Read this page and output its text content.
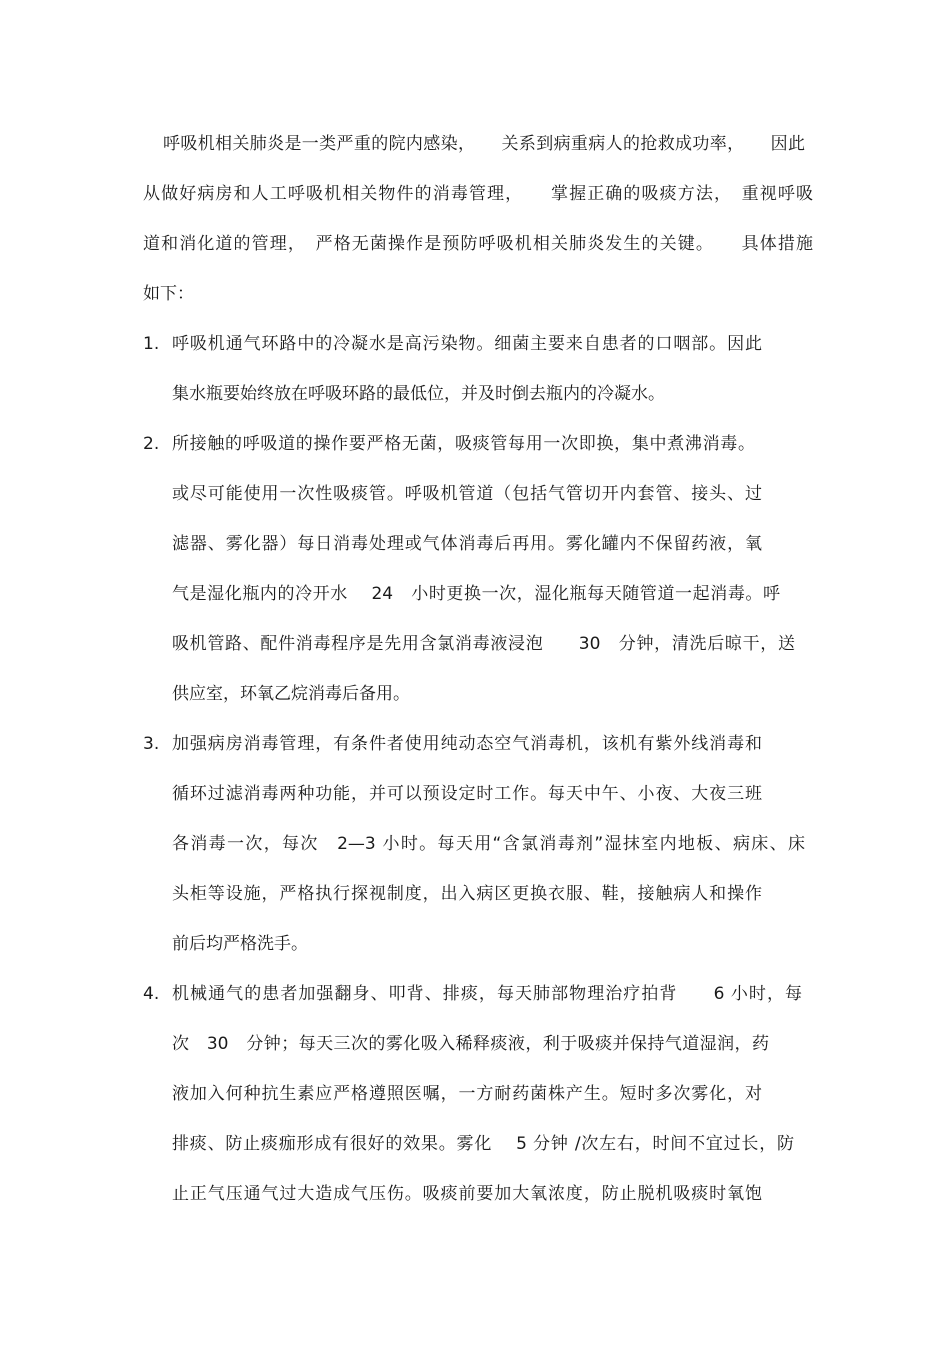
呼吸机相关肺炎是一类严重的院内感染，　　关系到病重病人的抢救成功率，　　因此
从做好病房和人工呼吸机相关物件的消毒管理，　　掌握正确的吸痰方法，　重视呼吸
道和消化道的管理，　严格无菌操作是预防呼吸机相关肺炎发生的关键。　　具体措施
如下：
1. 呼吸机通气环路中的冷凝水是高污染物。细菌主要来自患者的口咽部。因此
集水瓶要始终放在呼吸环路的最低位，并及时倒去瓶内的冷凝水。
2. 所接触的呼吸道的操作要严格无菌，吸痰管每用一次即换，集中煮沸消毒。
或尽可能使用一次性吸痰管。呼吸机管道（包括气管切开内套管、接头、过
滤器、雾化器）每日消毒处理或气体消毒后再用。雾化罐内不保留药液，氧
气是湿化瓶内的冷开水　 24　小时更换一次，湿化瓶每天随管道一起消毒。呼
吸机管路、配件消毒程序是先用含氯消毒液浸泡　　30　分钟，清洗后晾干，送
供应室，环氧乙烷消毒后备用。
3. 加强病房消毒管理，有条件者使用纯动态空气消毒机，该机有紫外线消毒和
循环过滤消毒两种功能，并可以预设定时工作。每天中午、小夜、大夜三班
各消毒一次，每次　2—3 小时。每天用“含氯消毒剂”湿抹室内地板、病床、床
头柜等设施，严格执行探视制度，出入病区更换衣服、鞋，接触病人和操作
前后均严格洗手。
4. 机械通气的患者加强翻身、叩背、排痰，每天肺部物理治疗拍背　　6 小时，每
次　30　分钟；每天三次的雾化吸入稀释痰液，利于吸痰并保持气道湿润，药
液加入何种抗生素应严格遵照医嘱，一方耐药菌株产生。短时多次雾化，对
排痰、防止痰痂形成有很好的效果。雾化　 5 分钟 /次左右，时间不宜过长，防
止正气压通气过大造成气压伤。吸痰前要加大氧浓度，防止脱机吸痰时氧饱
